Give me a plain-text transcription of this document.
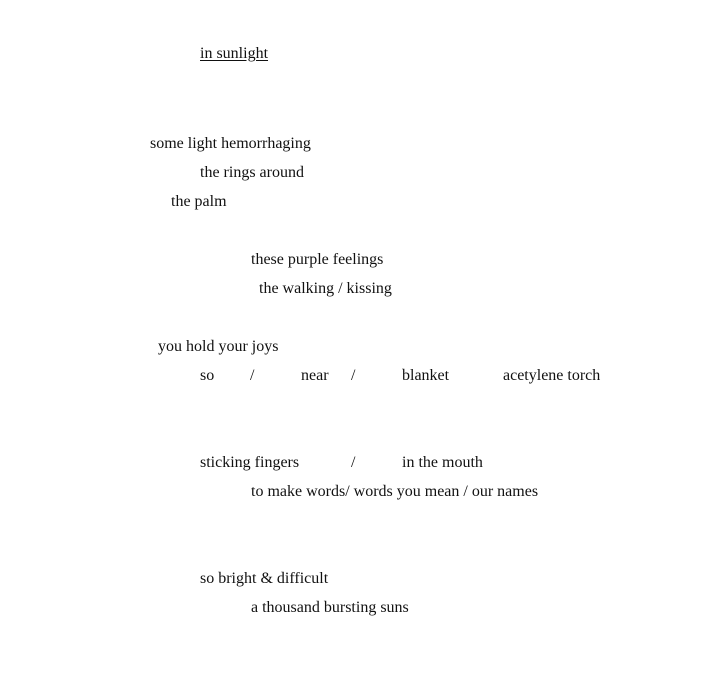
in sunlight
some light hemorrhaging
the rings around
the palm
these purple feelings
the walking / kissing
you hold your joys
so /	near /	blanket	acetylene torch
sticking fingers	/	in the mouth
to make words/ words you mean / our names
so bright & difficult
a thousand bursting suns
